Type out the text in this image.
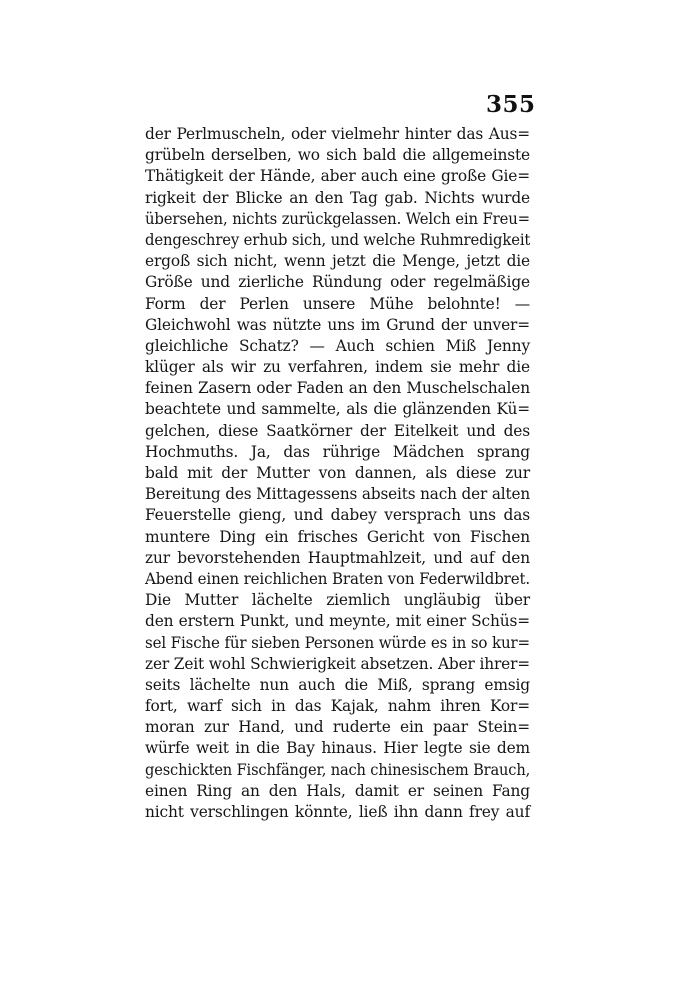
355
der Perlmuscheln, oder vielmehr hinter das Aus=
grübeln derselben, wo sich bald die allgemeinste
Thätigkeit der Hände, aber auch eine große Gie=
rigkeit der Blicke an den Tag gab. Nichts wurde
übersehen, nichts zurückgelassen. Welch ein Freu=
dengeschrey erhub sich, und welche Ruhmredigkeit
ergoß sich nicht, wenn jetzt die Menge, jetzt die
Größe und zierliche Ründung oder regelmäßige
Form der Perlen unsere Mühe belohnte! —
Gleichwohl was nützte uns im Grund der unver=
gleichliche Schatz? — Auch schien Miß Jenny
klüger als wir zu verfahren, indem sie mehr die
feinen Zasern oder Faden an den Muschelschalen
beachtete und sammelte, als die glänzenden Kü=
gelchen, diese Saatkörner der Eitelkeit und des
Hochmuths. Ja, das rührige Mädchen sprang
bald mit der Mutter von dannen, als diese zur
Bereitung des Mittagessens abseits nach der alten
Feuerstelle gieng, und dabey versprach uns das
muntere Ding ein frisches Gericht von Fischen
zur bevorstehenden Hauptmahlzeit, und auf den
Abend einen reichlichen Braten von Federwildbret.
Die Mutter lächelte ziemlich ungläubig über
den erstern Punkt, und meynte, mit einer Schüs=
sel Fische für sieben Personen würde es in so kur=
zer Zeit wohl Schwierigkeit absetzen. Aber ihrer=
seits lächelte nun auch die Miß, sprang emsig
fort, warf sich in das Kajak, nahm ihren Kor=
moran zur Hand, und ruderte ein paar Stein=
würfe weit in die Bay hinaus. Hier legte sie dem
geschickten Fischfänger, nach chinesischem Brauch,
einen Ring an den Hals, damit er seinen Fang
nicht verschlingen könnte, ließ ihn dann frey auf
